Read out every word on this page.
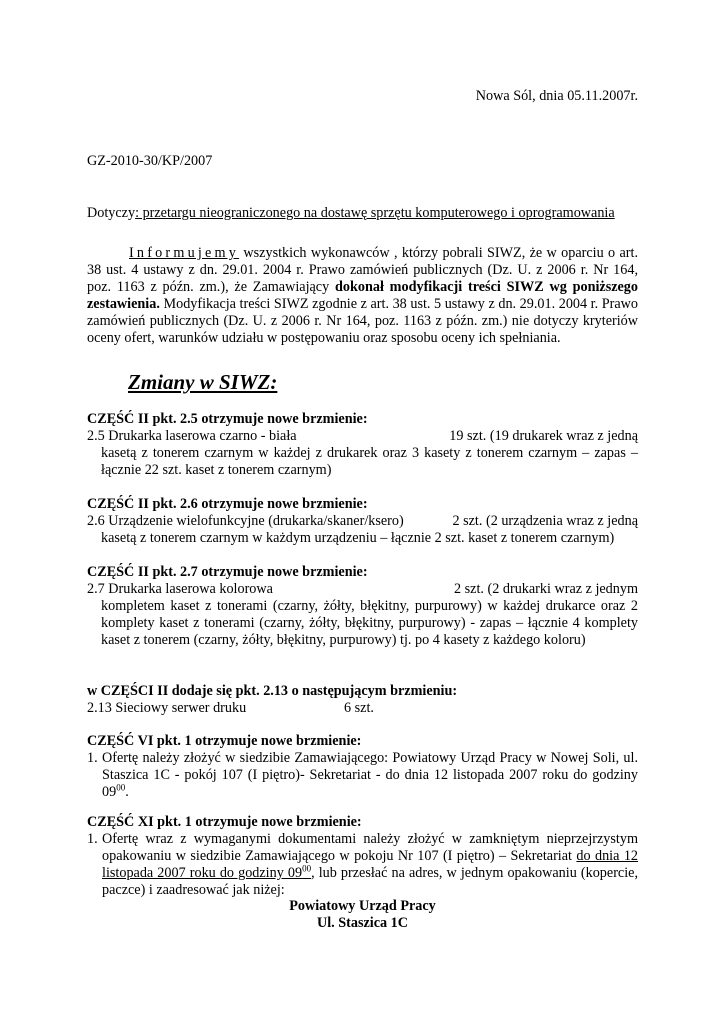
Nowa Sól, dnia 05.11.2007r.
GZ-2010-30/KP/2007
Dotyczy: przetargu nieograniczonego na dostawę sprzętu komputerowego i oprogramowania
Informujemy wszystkich wykonawców , którzy pobrali SIWZ, że w oparciu o art. 38 ust. 4 ustawy z dn. 29.01. 2004 r. Prawo zamówień publicznych (Dz. U. z 2006 r. Nr 164, poz. 1163 z późn. zm.), że Zamawiający dokonał modyfikacji treści SIWZ wg poniższego zestawienia. Modyfikacja treści SIWZ zgodnie z art. 38 ust. 5 ustawy z dn. 29.01. 2004 r. Prawo zamówień publicznych (Dz. U. z 2006 r. Nr 164, poz. 1163 z późn. zm.) nie dotyczy kryteriów oceny ofert, warunków udziału w postępowaniu oraz sposobu oceny ich spełniania.
Zmiany w SIWZ:
CZĘŚĆ II pkt. 2.5 otrzymuje nowe brzmienie:
2.5 Drukarka laserowa czarno - biała	19 szt. (19 drukarek wraz z jedną
kasetą z tonerem czarnym w każdej z drukarek oraz 3 kasety z tonerem czarnym – zapas – łącznie 22 szt. kaset z tonerem czarnym)
CZĘŚĆ II pkt. 2.6 otrzymuje nowe brzmienie:
2.6 Urządzenie wielofunkcyjne (drukarka/skaner/ksero)	2 szt. (2 urządzenia wraz z jedną
kasetą z tonerem czarnym w każdym urządzeniu – łącznie 2 szt. kaset z tonerem czarnym)
CZĘŚĆ II pkt. 2.7 otrzymuje nowe brzmienie:
2.7 Drukarka laserowa kolorowa	2 szt. (2 drukarki wraz z jednym
kompletem kaset z tonerami (czarny, żółty, błękitny, purpurowy) w każdej drukarce oraz 2 komplety kaset z tonerami (czarny, żółty, błękitny, purpurowy) - zapas – łącznie 4 komplety kaset z tonerem (czarny, żółty, błękitny, purpurowy) tj. po 4 kasety z każdego koloru)
w CZĘŚCI II dodaje się pkt. 2.13 o następującym brzmieniu:
2.13 Sieciowy serwer druku	6 szt.
CZĘŚĆ VI pkt. 1 otrzymuje nowe brzmienie:
1. Ofertę należy złożyć w siedzibie Zamawiającego: Powiatowy Urząd Pracy w Nowej Soli, ul. Staszica 1C - pokój 107 (I piętro)- Sekretariat - do dnia 12 listopada 2007 roku do godziny $09^{00}$.
CZĘŚĆ XI pkt. 1 otrzymuje nowe brzmienie:
1. Ofertę wraz z wymaganymi dokumentami należy złożyć w zamkniętym nieprzejrzystym opakowaniu w siedzibie Zamawiającego w pokoju Nr 107 (I piętro) – Sekretariat do dnia 12 listopada 2007 roku do godziny $09^{00}$, lub przesłać na adres, w jednym opakowaniu (kopercie, paczce) i zaadresować jak niżej:
Powiatowy Urząd Pracy
Ul. Staszica 1C
